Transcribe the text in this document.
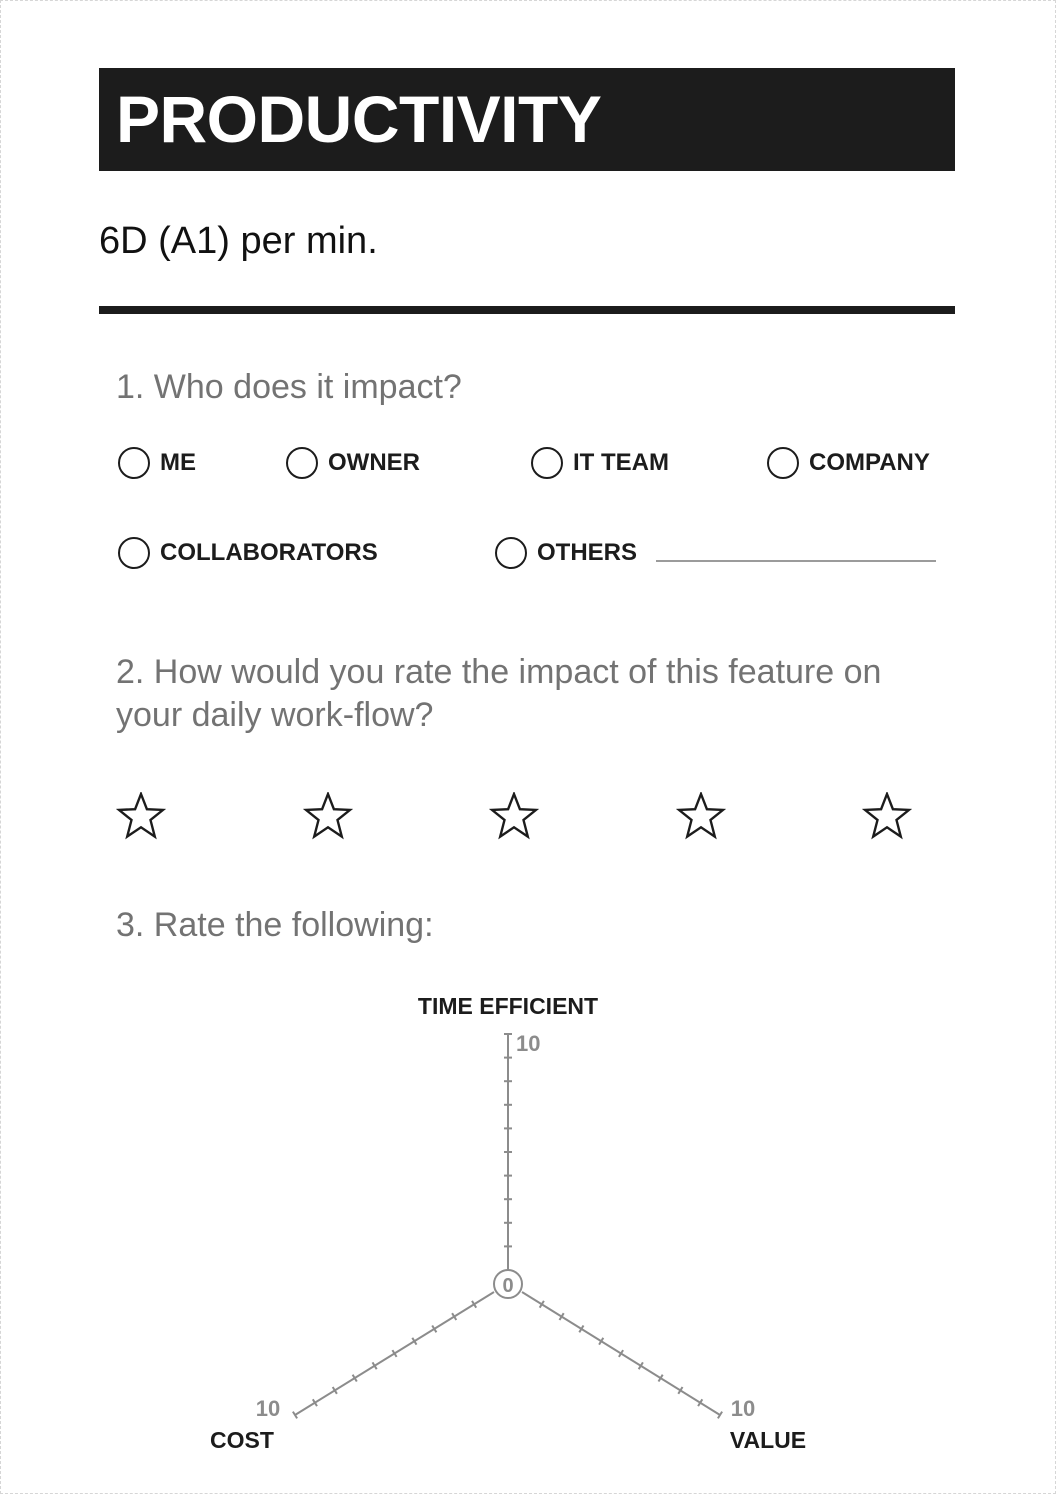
PRODUCTIVITY
6D (A1) per min.
1. Who does it impact?
ME	OWNER	IT TEAM	COMPANY
COLLABORATORS	OTHERS
2. How would you rate the impact of this feature on your daily work-flow?
3. Rate the following:
0
TIME EFFICIENT
10
COST
10
VALUE
10
